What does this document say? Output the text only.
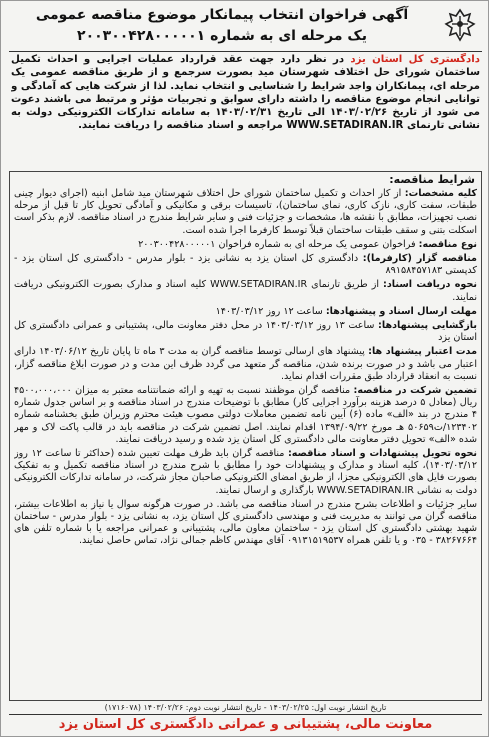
آگهی فراخوان انتخاب پیمانکار موضوع مناقصه عمومی
یک مرحله ای به شماره ۲۰۰۳۰۰۴۲۸۰۰۰۰۰۱
دادگستری کل استان یزد در نظر دارد جهت عقد قرارداد عملیات اجرایی و احداث تکمیل ساختمان شورای حل اختلاف شهرستان مید بصورت سرجمع و از طریق مناقصه عمومی یک مرحله ای، پیمانکاران واجد شرایط را شناسایی و انتخاب نماید. لذا از شرکت هایی که آمادگی و توانایی انجام موضوع مناقصه را داشته دارای سوابق و تجربیات مؤثر و مرتبط می باشند دعوت می شود از تاریخ ۱۴۰۳/۰۲/۲۶ الی تاریخ ۱۴۰۳/۰۲/۳۱ به سامانه تدارکات الکترونیکی دولت به نشانی تارنمای WWW.SETADIRAN.IR مراجعه و اسناد مناقصه را دریافت نمایند.
شرایط مناقصه:

کلیه مشخصات: از کار احداث و تکمیل ساختمان شورای حل اختلاف شهرستان مید شامل ابنیه (اجرای دیوار چینی طبقات، سفت کاری، نازک کاری، نمای ساختمان)، تاسیسات برقی و مکانیکی و آمادگی تحویل کار تا قبل از مرحله نصب تجهیزات، مطابق با نقشه ها، مشخصات و جزئیات فنی و سایر شرایط مندرج در اسناد مناقصه. لازم بذکر است اسکلت بتنی و سقف طبقات ساختمان قبلاً توسط کارفرما اجرا شده است.

نوع مناقصه: فراخوان عمومی یک مرحله ای به شماره فراخوان ۲۰۰۳۰۰۴۲۸۰۰۰۰۰۱

مناقصه گزار (کارفرما): دادگستری کل استان یزد به نشانی یزد - بلوار مدرس - دادگستری کل استان یزد - کدپستی ۸۹۱۵۸۴۵۷۱۸۳

نحوه دریافت اسناد: از طریق تارنمای WWW.SETADIRAN.IR کلیه اسناد و مدارک بصورت الکترونیکی دریافت نمایند.

مهلت ارسال اسناد و پیشنهادها: ساعت ۱۲ روز ۱۴۰۳/۰۳/۱۲

بازگشایی پیشنهادها: ساعت ۱۳ روز ۱۴۰۳/۰۳/۱۲ در محل دفتر معاونت مالی، پشتیبانی و عمرانی دادگستری کل استان یزد

مدت اعتبار پیشنهاد ها: پیشنهاد های ارسالی توسط مناقصه گران به مدت ۳ ماه تا پایان تاریخ ۱۴۰۳/۰۶/۱۲ دارای اعتبار می باشد و در صورت برنده شدن، مناقصه گر متعهد می گردد ظرف این مدت و در صورت ابلاغ مناقصه گزار، نسبت به انعقاد قرارداد طبق مقررات اقدام نماید.

تضمین شرکت در مناقصه: مناقصه گران موظفند نسبت به تهیه و ارائه ضمانتنامه معتبر به میزان ۴۵۰۰،۰۰۰،۰۰۰ ریال (معادل ۵ درصد هزینه برآورد اجرایی کار) مطابق با توضیحات مندرج در اسناد مناقصه و بر اساس جدول شماره ۴ مندرج در بند «الف» ماده (۶) آیین نامه تضمین معاملات دولتی مصوب هیئت محترم وزیران طبق بخشنامه شماره ۱۲۳۴۰۲/ت۵۰۶۵۹ هـ مورخ ۱۳۹۴/۰۹/۲۲ اقدام نمایند. اصل تضمین شرکت در مناقصه باید در قالب پاکت لاک و مهر شده «الف» تحویل دفتر معاونت مالی دادگستری کل استان یزد شده و رسید دریافت نمایند.

نحوه تحویل پیشنهادات و اسناد مناقصه: مناقصه گران باید ظرف مهلت تعیین شده (حداکثر تا ساعت ۱۲ روز ۱۴۰۳/۰۳/۱۲)، کلیه اسناد و مدارک و پیشنهادات خود را مطابق با شرح مندرج در اسناد مناقصه تکمیل و به تفکیک بصورت فایل های الکترونیکی مجزا، از طریق امضای الکترونیکی صاحبان مجاز شرکت، در سامانه تدارکات الکترونیکی دولت به نشانی WWW.SETADIRAN.IR بارگذاری و ارسال نمایند.

سایر جزئیات و اطلاعات بشرح مندرج در اسناد مناقصه می باشد. در صورت هرگونه سوال یا نیاز به اطلاعات بیشتر، مناقصه گران می توانند به مدیریت فنی و مهندسی دادگستری کل استان یزد، به نشانی یزد - بلوار مدرس - ساختمان شهید بهشتی دادگستری کل استان یزد - ساختمان معاون مالی، پشتیبانی و عمرانی مراجعه یا با شماره تلفن های ۳۸۲۶۷۶۶۴ - ۰۳۵ و یا تلفن همراه ۰۹۱۳۱۵۱۹۵۳۷ آقای مهندس کاظم جمالی نژاد، تماس حاصل نمایند.

(۱۷۱۶۰۷۸) تاریخ انتشار نوبت اول: ۱۴۰۳/۰۲/۲۵ - تاریخ انتشار نوبت دوم: ۱۴۰۳/۰۲/۲۶
معاونت مالی، پشتیبانی و عمرانی دادگستری کل استان یزد
